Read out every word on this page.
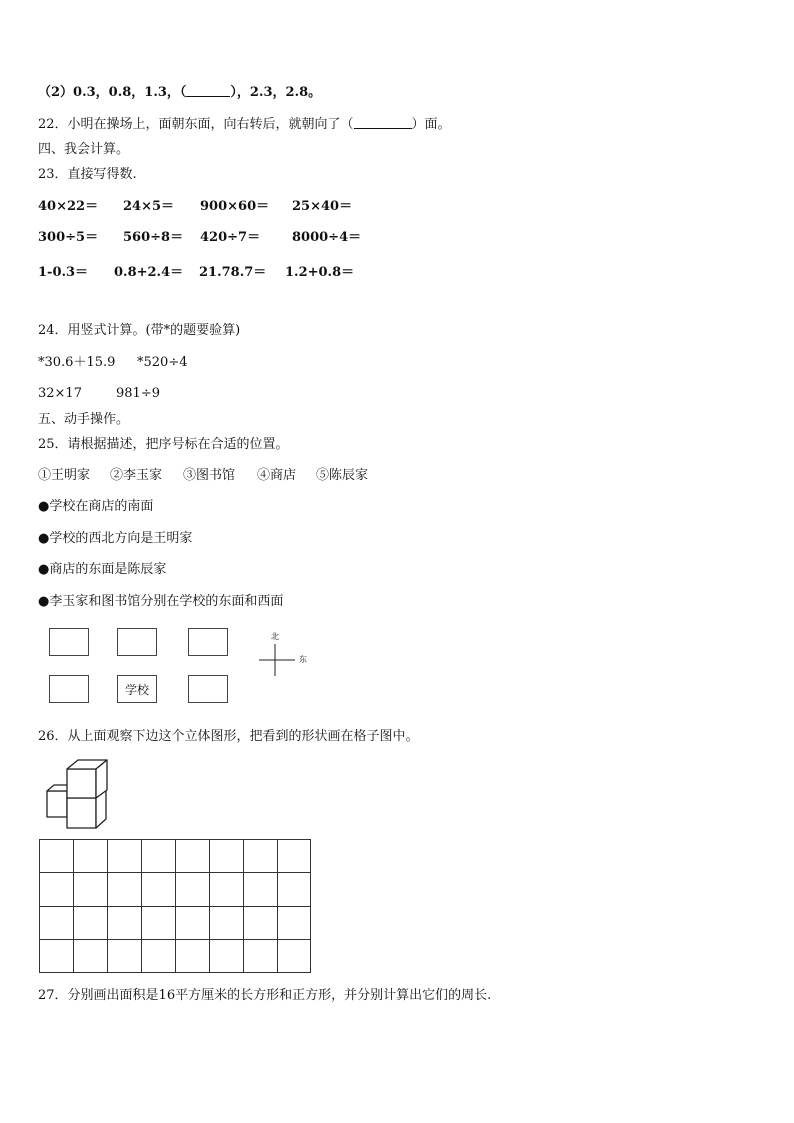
（2）0.3，0.8，1.3，（	），2.3，2.8。
22．小明在操场上，面朝东面，向右转后，就朝向了（	）面。
四、我会计算。
23．直接写得数.
40×22＝ 24×5＝ 900×60＝ 25×40＝
300÷5＝ 560÷8＝ 420÷7＝ 8000÷4＝
1-0.3＝ 0.8+2.4＝ 21.78.7＝ 1.2+0.8＝
24．用竖式计算。(带*的题要验算)
*30.6＋15.9 *520÷4
32×17	981÷9
五、动手操作。
25．请根据描述，把序号标在合适的位置。
①王明家 ②李玉家 ③图书馆 ④商店 ⑤陈辰家
●学校在商店的南面
●学校的西北方向是王明家
●商店的东面是陈辰家
●李玉家和图书馆分别在学校的东面和西面
学校
北
东
26．从上面观察下边这个立体图形，把看到的形状画在格子图中。
27．分别画出面积是16平方厘米的长方形和正方形，并分别计算出它们的周长.
